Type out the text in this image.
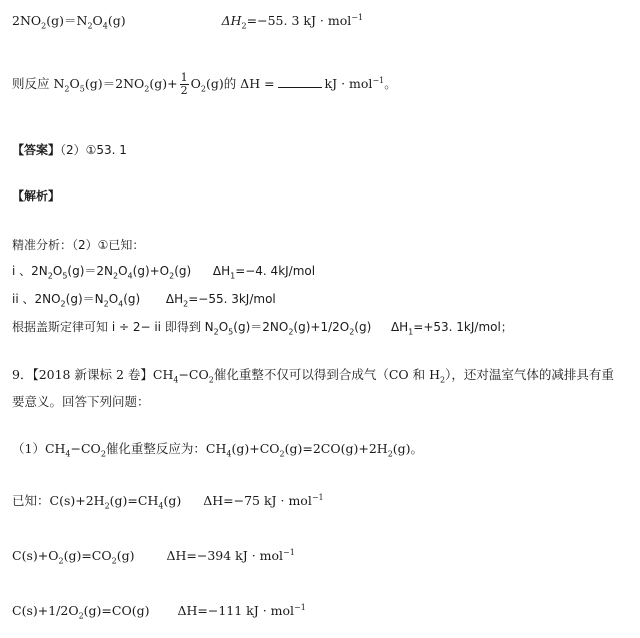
$2NO_2(g)=N_2O_4(g)$	$\Delta H_2=-55$. 3 kJ · mol$^{-1}$
则反应 $N_2O_5(g)=2NO_2(g)+ \frac{1}{2} O_2(g)$的 ΔH =	kJ · mol$^{-1}$。
【答案】（2）①53. 1
【解析】
精准分析：（2）①已知：
i 、$2N_2O_5(g)=2N_2O_4(g)+O_2(g)$ $\Delta H_1=-4$. 4kJ/mol
ii 、$2NO_2(g)=N_2O_4(g)$ $\Delta H_2=-55$. 3kJ/mol
根据盖斯定律可知 i ÷ 2− ii 即得到 $N_2O_5(g)=2NO_2(g)+1/2O_2(g)$ $\Delta H_1=+53$. 1kJ/mol；
9．【2018 新课标 2 卷】$CH_4-CO_2$催化重整不仅可以得到合成气（CO 和 $H_2$），还对温室气体的减排具有重
要意义。回答下列问题：
$(1)CH_4-CO_2$催化重整反应为：$CH_4(g)+CO_2(g)=2CO(g)+2H_2(g)$。
已知：$C(s)+2H_2(g)=CH_4(g)$ ΔH=−75 kJ · mol$^{-1}$
$C(s)+O_2(g)=CO_2(g)$	ΔH=−394 kJ · mol$^{-1}$
$C(s)+1/2O_2(g)=CO(g)$ ΔH=−111 kJ · mol$^{-1}$
